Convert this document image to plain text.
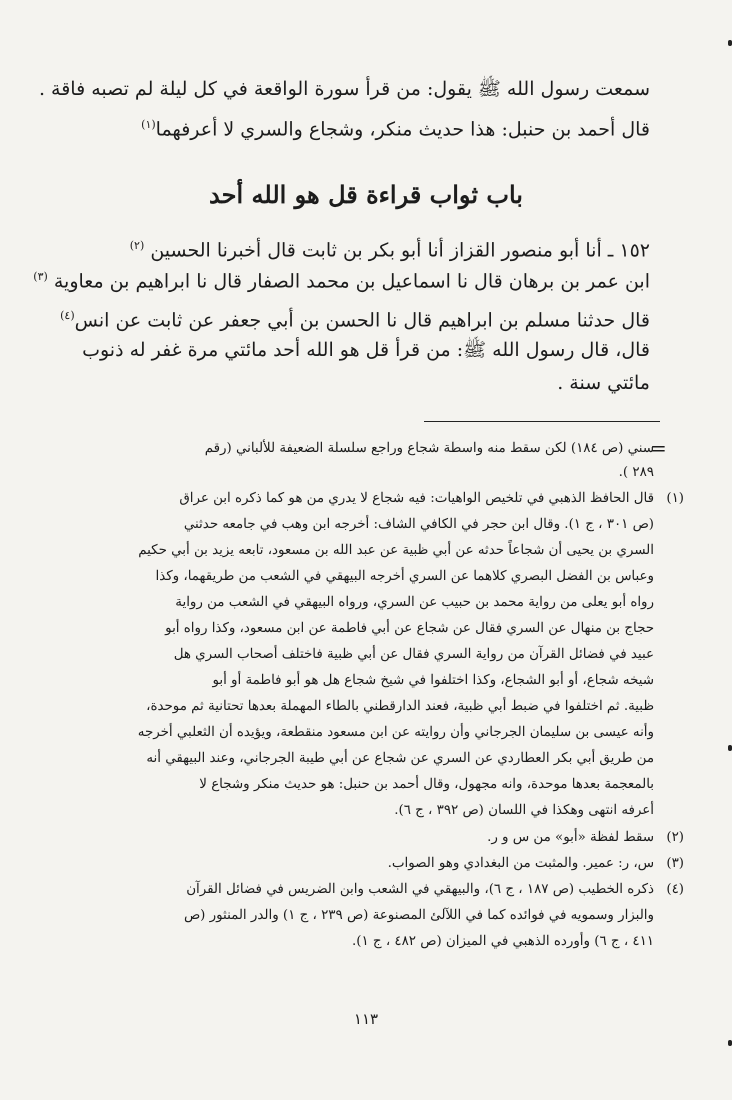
سمعت رسول الله ﷺ يقول: من قرأ سورة الواقعة في كل ليلة لم تصبه فاقة .
قال أحمد بن حنبل: هذا حديث منكر، وشجاع والسري لا أعرفهما$^{(١)}$
باب ثواب قراءة قل هو الله أحد
١٥٢ ـ أنا أبو منصور القزاز أنا أبو بكر بن ثابت قال أخبرنا الحسين $^{(٢)}$
ابن عمر بن برهان قال نا اسماعيل بن محمد الصفار قال نا ابراهيم بن معاوية $^{(٣)}$
قال حدثنا مسلم بن ابراهيم قال نا الحسن بن أبي جعفر عن ثابت عن انس$^{(٤)}$
قال، قال رسول الله ﷺ: من قرأ قل هو الله أحد مائتي مرة غفر له ذنوب
مائتي سنة .
=
سني (ص ١٨٤) لكن سقط منه واسطة شجاع وراجع سلسلة الضعيفة للألباني (رقم
٢٨٩ ).
(١)
قال الحافظ الذهبي في تلخيص الواهيات: فيه شجاع لا يدري من هو كما ذكره ابن عراق
(ص ٣٠١ ، ج ١). وقال ابن حجر في الكافي الشاف: أخرجه ابن وهب في جامعه حدثني
السري بن يحيى أن شجاعاً حدثه عن أبي ظبية عن عبد الله بن مسعود، تابعه يزيد بن أبي حكيم
وعباس بن الفضل البصري كلاهما عن السري أخرجه البيهقي في الشعب من طريقهما، وكذا
رواه أبو يعلى من رواية محمد بن حبيب عن السري، ورواه البيهقي في الشعب من رواية
حجاج بن منهال عن السري فقال عن شجاع عن أبي فاطمة عن ابن مسعود، وكذا رواه أبو
عبيد في فضائل القرآن من رواية السري فقال عن أبي ظبية فاختلف أصحاب السري هل
شيخه شجاع، أو أبو الشجاع، وكذا اختلفوا في شيخ شجاع هل هو أبو فاطمة أو أبو
ظبية. ثم اختلفوا في ضبط أبي ظبية، فعند الدارقطني بالطاء المهملة بعدها تحتانية ثم موحدة،
وأنه عيسى بن سليمان الجرجاني وأن روايته عن ابن مسعود منقطعة، ويؤيده أن الثعلبي أخرجه
من طريق أبي بكر العطاردي عن السري عن شجاع عن أبي طيبة الجرجاني، وعند البيهقي أنه
بالمعجمة بعدها موحدة، وانه مجهول، وقال أحمد بن حنبل: هو حديث منكر وشجاع لا
أعرفه انتهى وهكذا في اللسان (ص ٣٩٢ ، ج ٦).
(٢)
سقط لفظة «أبو» من س و ر.
(٣)
س، ر: عمير. والمثبت من البغدادي وهو الصواب.
(٤)
ذكره الخطيب (ص ١٨٧ ، ج ٦)، والبيهقي في الشعب وابن الضريس في فضائل القرآن
والبزار وسمويه في فوائده كما في اللآلئ المصنوعة (ص ٢٣٩ ، ج ١) والدر المنثور (ص
٤١١ ، ج ٦) وأورده الذهبي في الميزان (ص ٤٨٢ ، ج ١).
١١٣
